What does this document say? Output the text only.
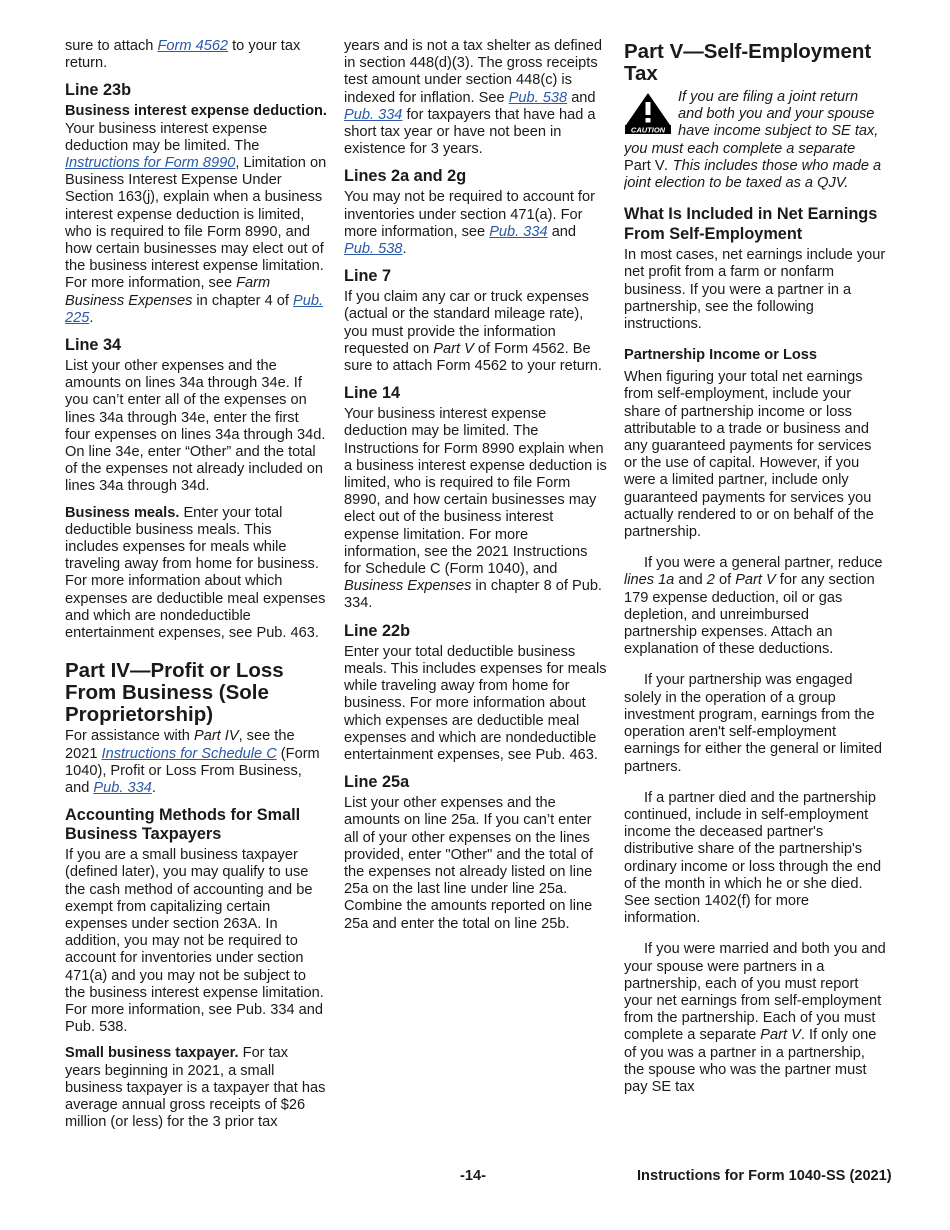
sure to attach Form 4562 to your tax return.

Line 23b

Business interest expense deduction. Your business interest expense deduction may be limited. The Instructions for Form 8990, Limitation on Business Interest Expense Under Section 163(j), explain when a business interest expense deduction is limited, who is required to file Form 8990, and how certain businesses may elect out of the business interest expense limitation. For more information, see Farm Business Expenses in chapter 4 of Pub. 225.

Line 34

List your other expenses and the amounts on lines 34a through 34e. If you can’t enter all of the expenses on lines 34a through 34e, enter the first four expenses on lines 34a through 34d. On line 34e, enter “Other” and the total of the expenses not already included on lines 34a through 34d.

Business meals. Enter your total deductible business meals. This includes expenses for meals while traveling away from home for business. For more information about which expenses are deductible meal expenses and which are nondeductible entertainment expenses, see Pub. 463.

Part IV—Profit or Loss From Business (Sole Proprietorship)

For assistance with Part IV, see the 2021 Instructions for Schedule C (Form 1040), Profit or Loss From Business, and Pub. 334.

Accounting Methods for Small Business Taxpayers

If you are a small business taxpayer (defined later), you may qualify to use the cash method of accounting and be exempt from capitalizing certain expenses under section 263A. In addition, you may not be required to account for inventories under section 471(a) and you may not be subject to the business interest expense limitation. For more information, see Pub. 334 and Pub. 538.

Small business taxpayer. For tax years beginning in 2021, a small business taxpayer is a taxpayer that has average annual gross receipts of $26 million (or less) for the 3 prior tax

years and is not a tax shelter as defined in section 448(d)(3). The gross receipts test amount under section 448(c) is indexed for inflation. See Pub. 538 and Pub. 334 for taxpayers that have had a short tax year or have not been in existence for 3 years.

Lines 2a and 2g

You may not be required to account for inventories under section 471(a). For more information, see Pub. 334 and Pub. 538.

Line 7

If you claim any car or truck expenses (actual or the standard mileage rate), you must provide the information requested on Part V of Form 4562. Be sure to attach Form 4562 to your return.

Line 14

Your business interest expense deduction may be limited. The Instructions for Form 8990 explain when a business interest expense deduction is limited, who is required to file Form 8990, and how certain businesses may elect out of the business interest expense limitation. For more information, see the 2021 Instructions for Schedule C (Form 1040), and Business Expenses in chapter 8 of Pub. 334.

Line 22b

Enter your total deductible business meals. This includes expenses for meals while traveling away from home for business. For more information about which expenses are deductible meal expenses and which are nondeductible entertainment expenses, see Pub. 463.

Line 25a

List your other expenses and the amounts on line 25a. If you can’t enter all of your other expenses on the lines provided, enter "Other" and the total of the expenses not already listed on line 25a on the last line under line 25a. Combine the amounts reported on line 25a and enter the total on line 25b.

Part V—Self-Employment Tax
CAUTION
If you are filing a joint return and both you and your spouse have income subject to SE tax, you must each complete a separate Part V. This includes those who made a joint election to be taxed as a QJV.
What Is Included in Net Earnings From Self-Employment

In most cases, net earnings include your net profit from a farm or nonfarm business. If you were a partner in a partnership, see the following instructions.

Partnership Income or Loss

When figuring your total net earnings from self-employment, include your share of partnership income or loss attributable to a trade or business and any guaranteed payments for services or the use of capital. However, if you were a limited partner, include only guaranteed payments for services you actually rendered to or on behalf of the partnership.

If you were a general partner, reduce lines 1a and 2 of Part V for any section 179 expense deduction, oil or gas depletion, and unreimbursed partnership expenses. Attach an explanation of these deductions.

If your partnership was engaged solely in the operation of a group investment program, earnings from the operation aren't self-employment earnings for either the general or limited partners.

If a partner died and the partnership continued, include in self-employment income the deceased partner's distributive share of the partnership's ordinary income or loss through the end of the month in which he or she died. See section 1402(f) for more information.

If you were married and both you and your spouse were partners in a partnership, each of you must report your net earnings from self-employment from the partnership. Each of you must complete a separate Part V. If only one of you was a partner in a partnership, the spouse who was the partner must pay SE tax

-14-	Instructions for Form 1040-SS (2021)
